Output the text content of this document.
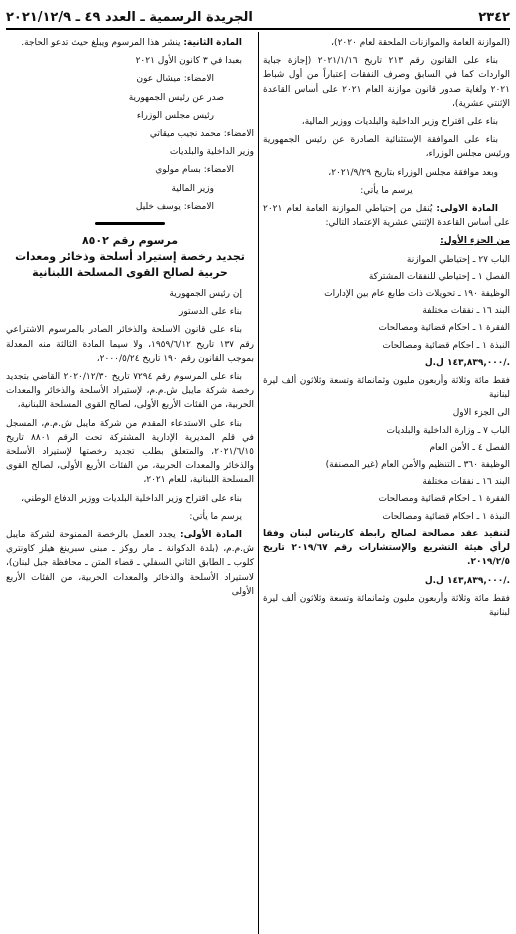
٢٣٤٢
الجريدة الرسمية ـ العدد ٤٩ ـ ٢٠٢١/١٢/٩

(الموازنة العامة والموازنات الملحقة لعام ٢٠٢٠)،

بناء على القانون رقم ٢١٣ تاريخ ٢٠٢١/١/١٦ (إجازة جباية الواردات كما في السابق وصرف النفقات إعتباراً من أول شباط ٢٠٢١ ولغاية صدور قانون موازنة العام ٢٠٢١ على أساس القاعدة الإثنتي عشرية)،

بناء على اقتراح وزير الداخلية والبلديات ووزير المالية،

بناء على الموافقة الإستثنائية الصادرة عن رئيس الجمهورية ورئيس مجلس الوزراء،

وبعد موافقة مجلس الوزراء بتاريخ ٢٠٢١/٩/٢٩،

يرسم ما يأتي:

المادة الاولى: يُنقل من إحتياطي الموازنة العامة لعام ٢٠٢١ على أساس القاعدة الإثنتي عشرية الإعتماد التالي:

من الجزء الأول:

الباب ٢٧ ـ إحتياطي الموازنة
الفصل ١ ـ إحتياطي للنفقات المشتركة
الوظيفة ١٩٠ ـ تحويلات ذات طابع عام بين الإدارات
البند ١٦ ـ نفقات مختلفة
الفقرة ١ ـ احكام قضائية ومصالحات
النبذة ١ ـ احكام قضائية ومصالحات

١٤٣,٨٣٩,٠٠٠ ل.ل/.

فقط مائة وثلاثة وأربعون مليون وثمانمائة وتسعة وثلاثون ألف ليرة لبنانية

الى الجزء الاول
الباب ٧ ـ وزارة الداخلية والبلديات
الفصل ٤ ـ الأمن العام
الوظيفة ٣٦٠ ـ التنظيم والأمن العام (غير المصنفة)
البند ١٦ ـ نفقات مختلفة
الفقرة ١ ـ احكام قضائية ومصالحات
النبذة ١ ـ احكام قضائية ومصالحات

لتنفيذ عقد مصالحة لصالح رابطة كاريتاس لبنان وفقا لرأي هيئة التشريع والإستشارات رقم ٢٠١٩/٦٧ تاريخ ٢٠١٩/٢/٥.

١٤٣,٨٣٩,٠٠٠ ل.ل/.

فقط مائة وثلاثة وأربعون مليون وثمانمائة وتسعة وثلاثون ألف ليرة لبنانية

المادة الثانية: ينشر هذا المرسوم ويبلغ حيث تدعو الحاجة.

بعبدا في ٣ كانون الأول ٢٠٢١

الامضاء: ميشال عون

صدر عن رئيس الجمهورية

رئيس مجلس الوزراء

الامضاء: محمد نجيب ميقاتي

وزير الداخلية والبلديات

الامضاء: بسام مولوي

وزير المالية

الامضاء: يوسف خليل

مرسوم رقم ٨٥٠٢
تجديد رخصة إستيراد أسلحة وذخائر ومعدات حربية لصالح القوى المسلحة اللبنانية

إن رئيس الجمهورية

بناء على الدستور

بناء على قانون الاسلحة والذخائر الصادر بالمرسوم الاشتراعي رقم ١٣٧ تاريخ ١٩٥٩/٦/١٢، ولا سيما المادة الثالثة منه المعدلة بموجب القانون رقم ١٩٠ تاريخ ٢٠٠٠/٥/٢٤،

بناء على المرسوم رقم ٧٢٩٤ تاريخ ٢٠٢٠/١٢/٣٠ القاضي بتجديد رخصة شركة مايبل ش.م.م، لإستيراد الأسلحة والذخائر والمعدات الحربية، من الفئات الأربع الأولى، لصالح القوى المسلحة اللبنانية،

بناء على الاستدعاء المقدم من شركة مايبل ش.م.م، المسجل في قلم المديرية الإدارية المشتركة تحت الرقم ٨٨٠١ تاريخ ٢٠٢١/٦/١٥، والمتعلق بطلب تجديد رخصتها لإستيراد الأسلحة والذخائر والمعدات الحربية، من الفئات الأربع الأولى، لصالح القوى المسلحة اللبنانية، للعام ٢٠٢١،

بناء على اقتراح وزير الداخلية البلديات ووزير الدفاع الوطني،

يرسم ما يأتي:

المادة الأولى: يجدد العمل بالرخصة الممنوحة لشركة مايبل ش.م.م، (بلدة الدكوانة ـ مار روكز ـ مبنى سبرينغ هيلز كاونتري كلوب ـ الطابق الثاني السفلي ـ قضاء المتن ـ محافظة جبل لبنان)، لاستيراد الأسلحة والذخائر والمعدات الحربية، من الفئات الأربع الأولى
